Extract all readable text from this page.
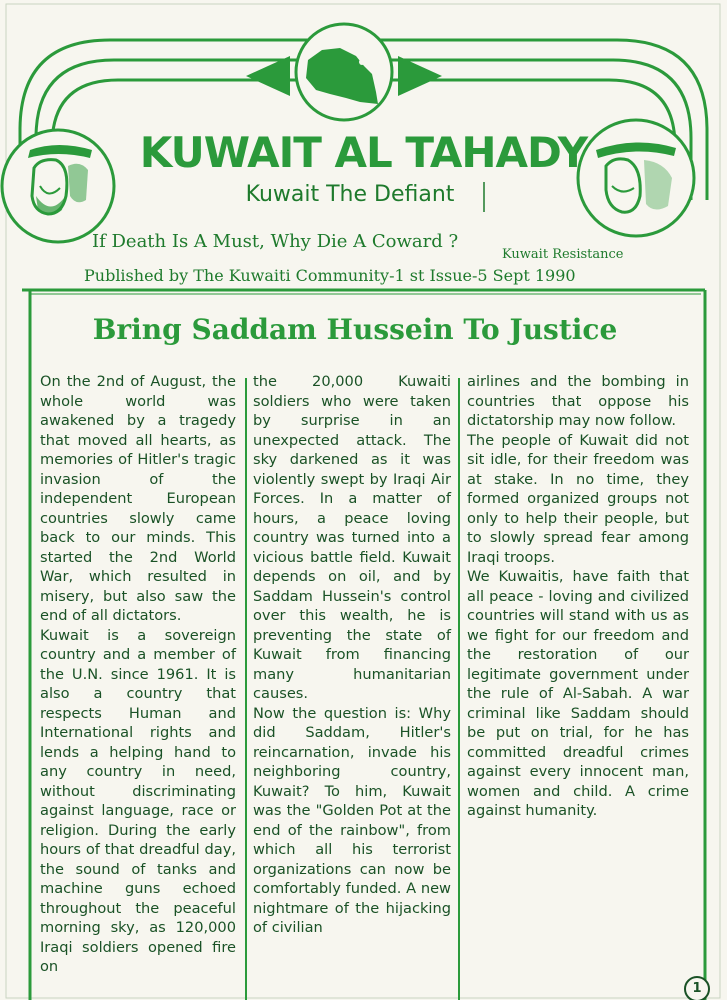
KUWAIT AL TAHADY
Kuwait The Defiant
If Death Is A Must, Why Die A Coward ?
Kuwait Resistance
Published by The Kuwaiti Community-1 st Issue-5 Sept 1990
Bring Saddam Hussein To Justice

On the 2nd of August, the whole world was awakened by a tragedy that moved all hearts, as memories of Hitler's tragic invasion of the independent European countries slowly came back to our minds. This started the 2nd World War, which resulted in misery, but also saw the end of all dictators.

Kuwait is a sovereign country and a member of the U.N. since 1961. It is also a country that respects Human and International rights and lends a helping hand to any country in need, without discriminating against language, race or religion. During the early hours of that dreadful day, the sound of tanks and machine guns echoed throughout the peaceful morning sky, as 120,000 Iraqi soldiers opened fire on

the 20,000 Kuwaiti soldiers who were taken by surprise in an unexpected attack. The sky darkened as it was violently swept by Iraqi Air Forces. In a matter of hours, a peace loving country was turned into a vicious battle field. Kuwait depends on oil, and by Saddam Hussein's control over this wealth, he is preventing the state of Kuwait from financing many humanitarian causes.

Now the question is: Why did Saddam, Hitler's reincarnation, invade his neighboring country, Kuwait? To him, Kuwait was the "Golden Pot at the end of the rainbow", from which all his terrorist organizations can now be comfortably funded. A new nightmare of the hijacking of civilian

airlines and the bombing in countries that oppose his dictatorship may now follow.

The people of Kuwait did not sit idle, for their freedom was at stake. In no time, they formed organized groups not only to help their people, but to slowly spread fear among Iraqi troops.

We Kuwaitis, have faith that all peace - loving and civilized countries will stand with us as we fight for our freedom and the restoration of our legitimate government under the rule of Al-Sabah. A war criminal like Saddam should be put on trial, for he has committed dreadful crimes against every innocent man, women and child. A crime against humanity.

1
